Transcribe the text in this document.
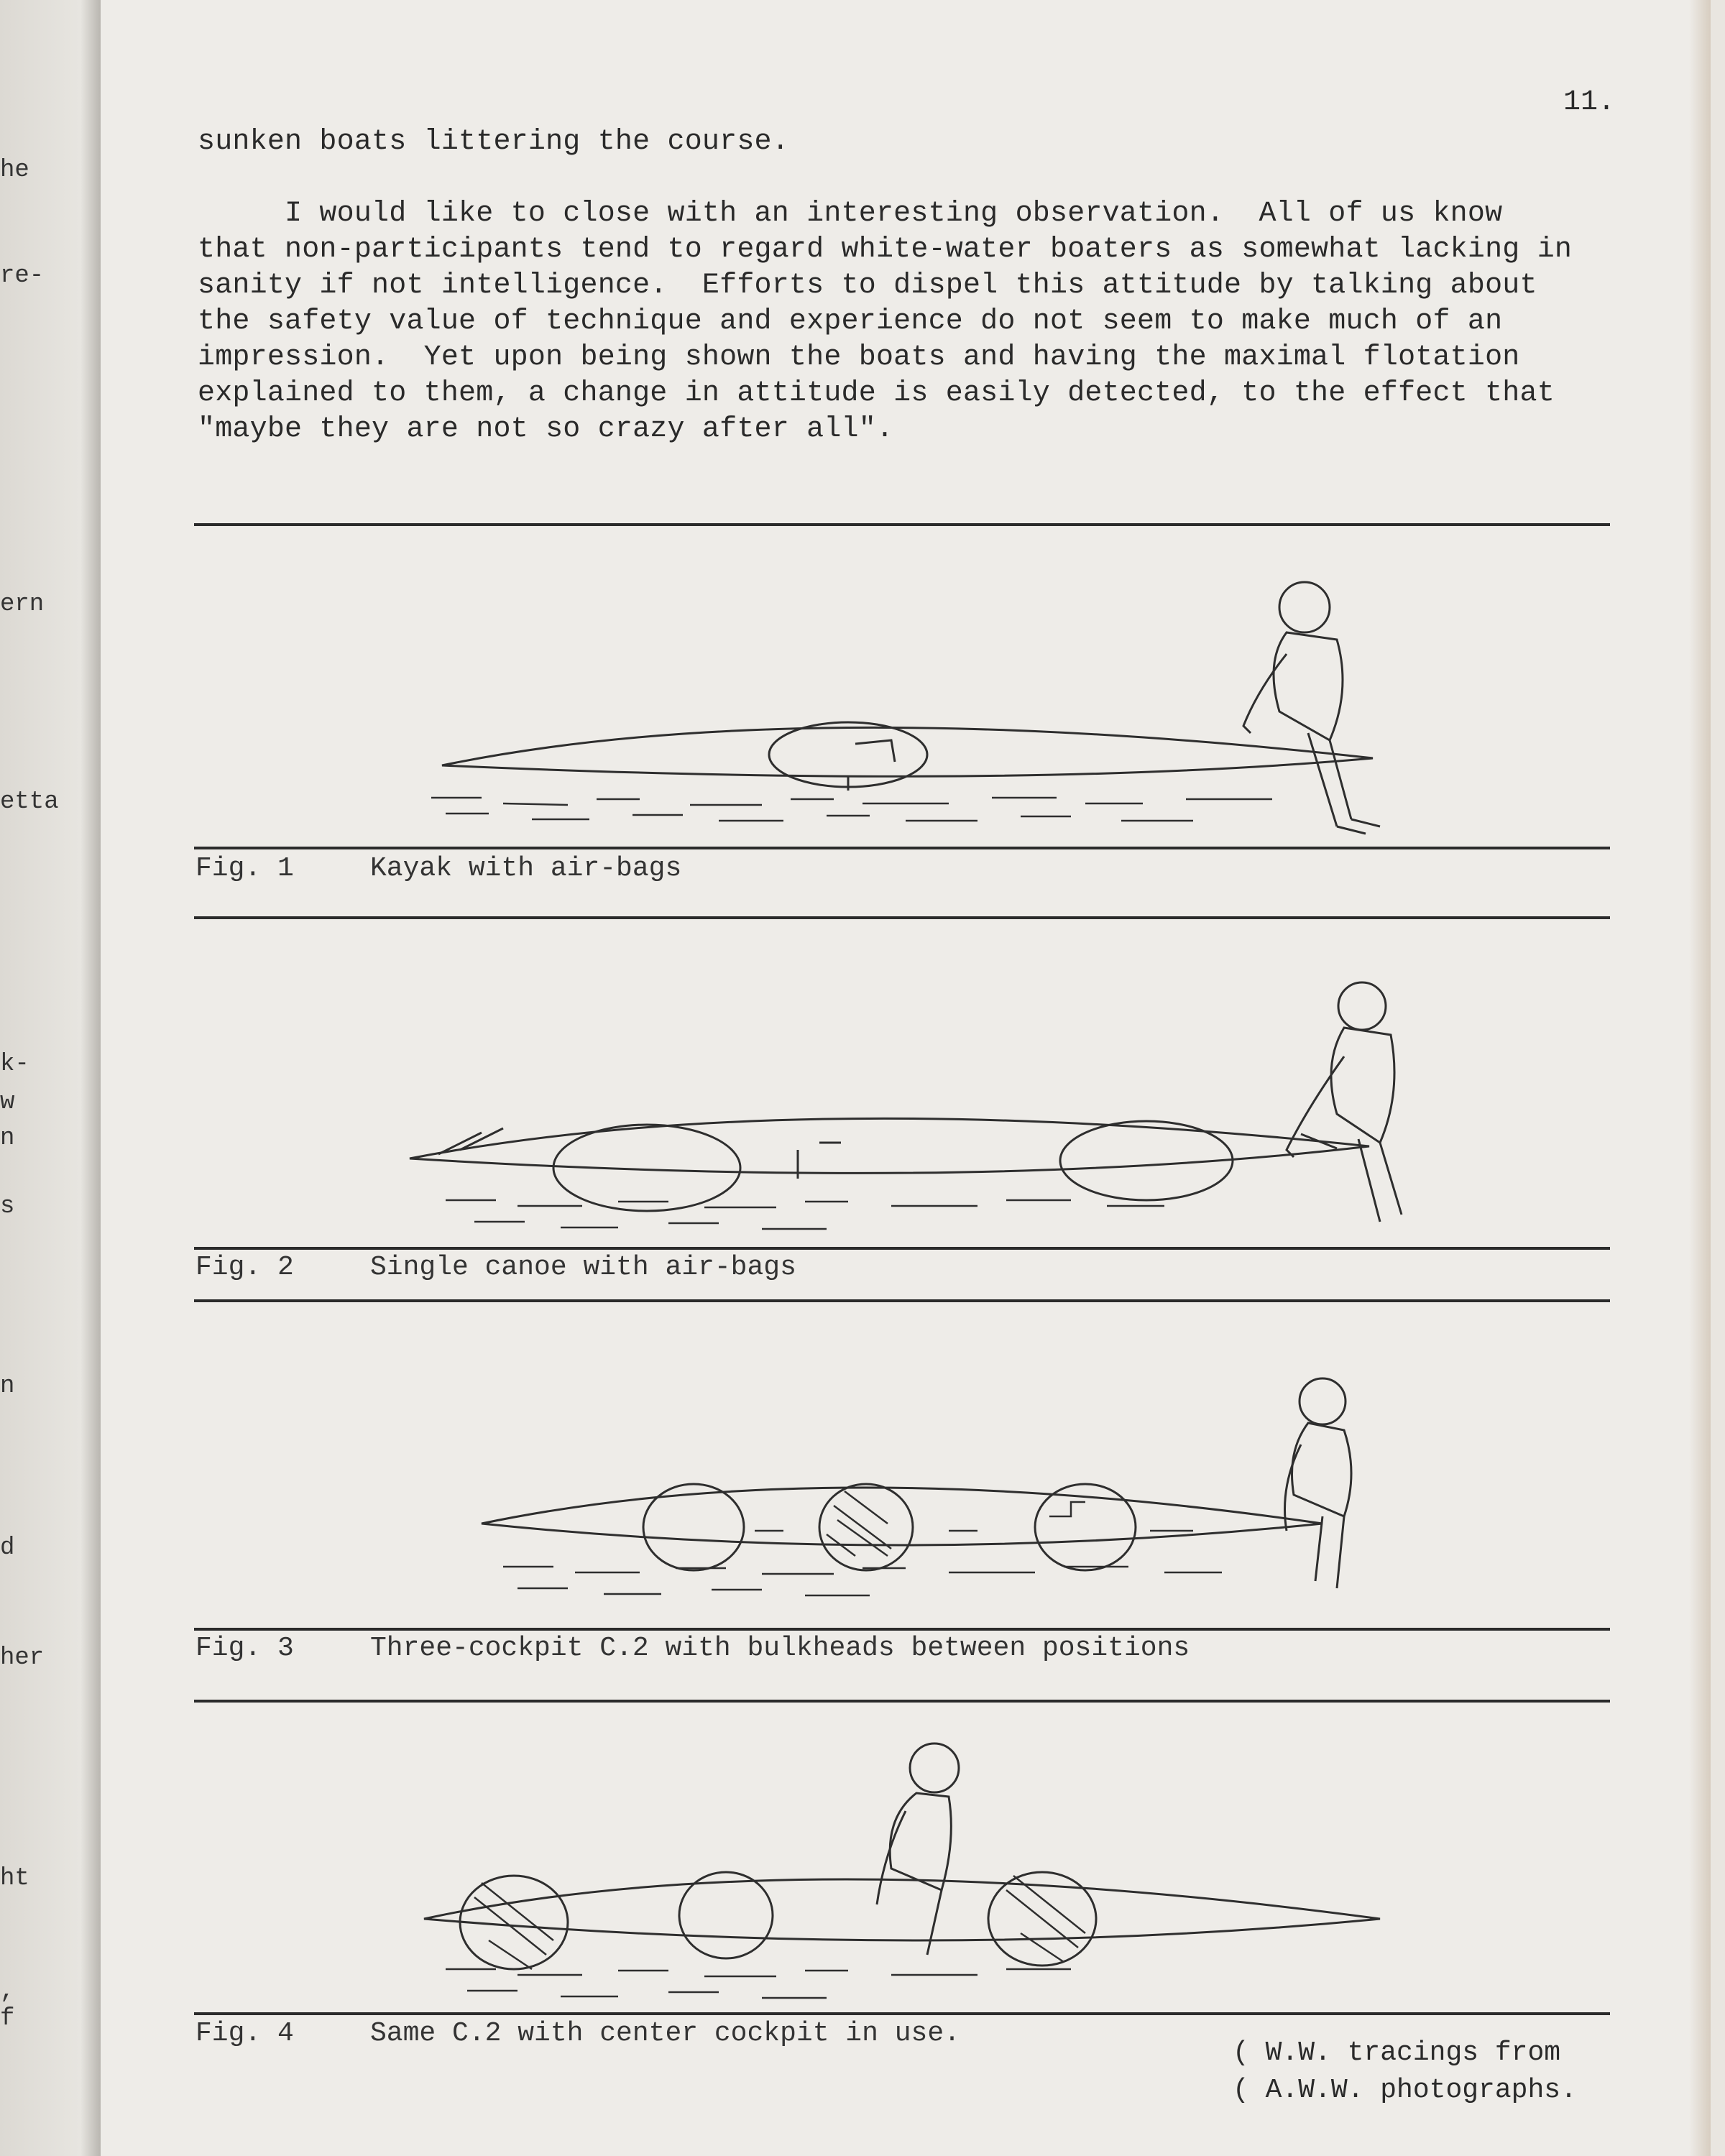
he
re-
ern
etta
k-
w
n
s
n
d
her
ht
,
f
11.
sunken boats littering the course.
I would like to close with an interesting observation.  All of us know
that non-participants tend to regard white-water boaters as somewhat lacking in
sanity if not intelligence.  Efforts to dispel this attitude by talking about
the safety value of technique and experience do not seem to make much of an
impression.  Yet upon being shown the boats and having the maximal flotation
explained to them, a change in attitude is easily detected, to the effect that
"maybe they are not so crazy after all".
Fig. 1	Kayak with air-bags
Fig. 2	Single canoe with air-bags
Fig. 3	Three-cockpit C.2 with bulkheads between positions
Fig. 4	Same C.2 with center cockpit in use.
( W.W. tracings from
( A.W.W. photographs.
